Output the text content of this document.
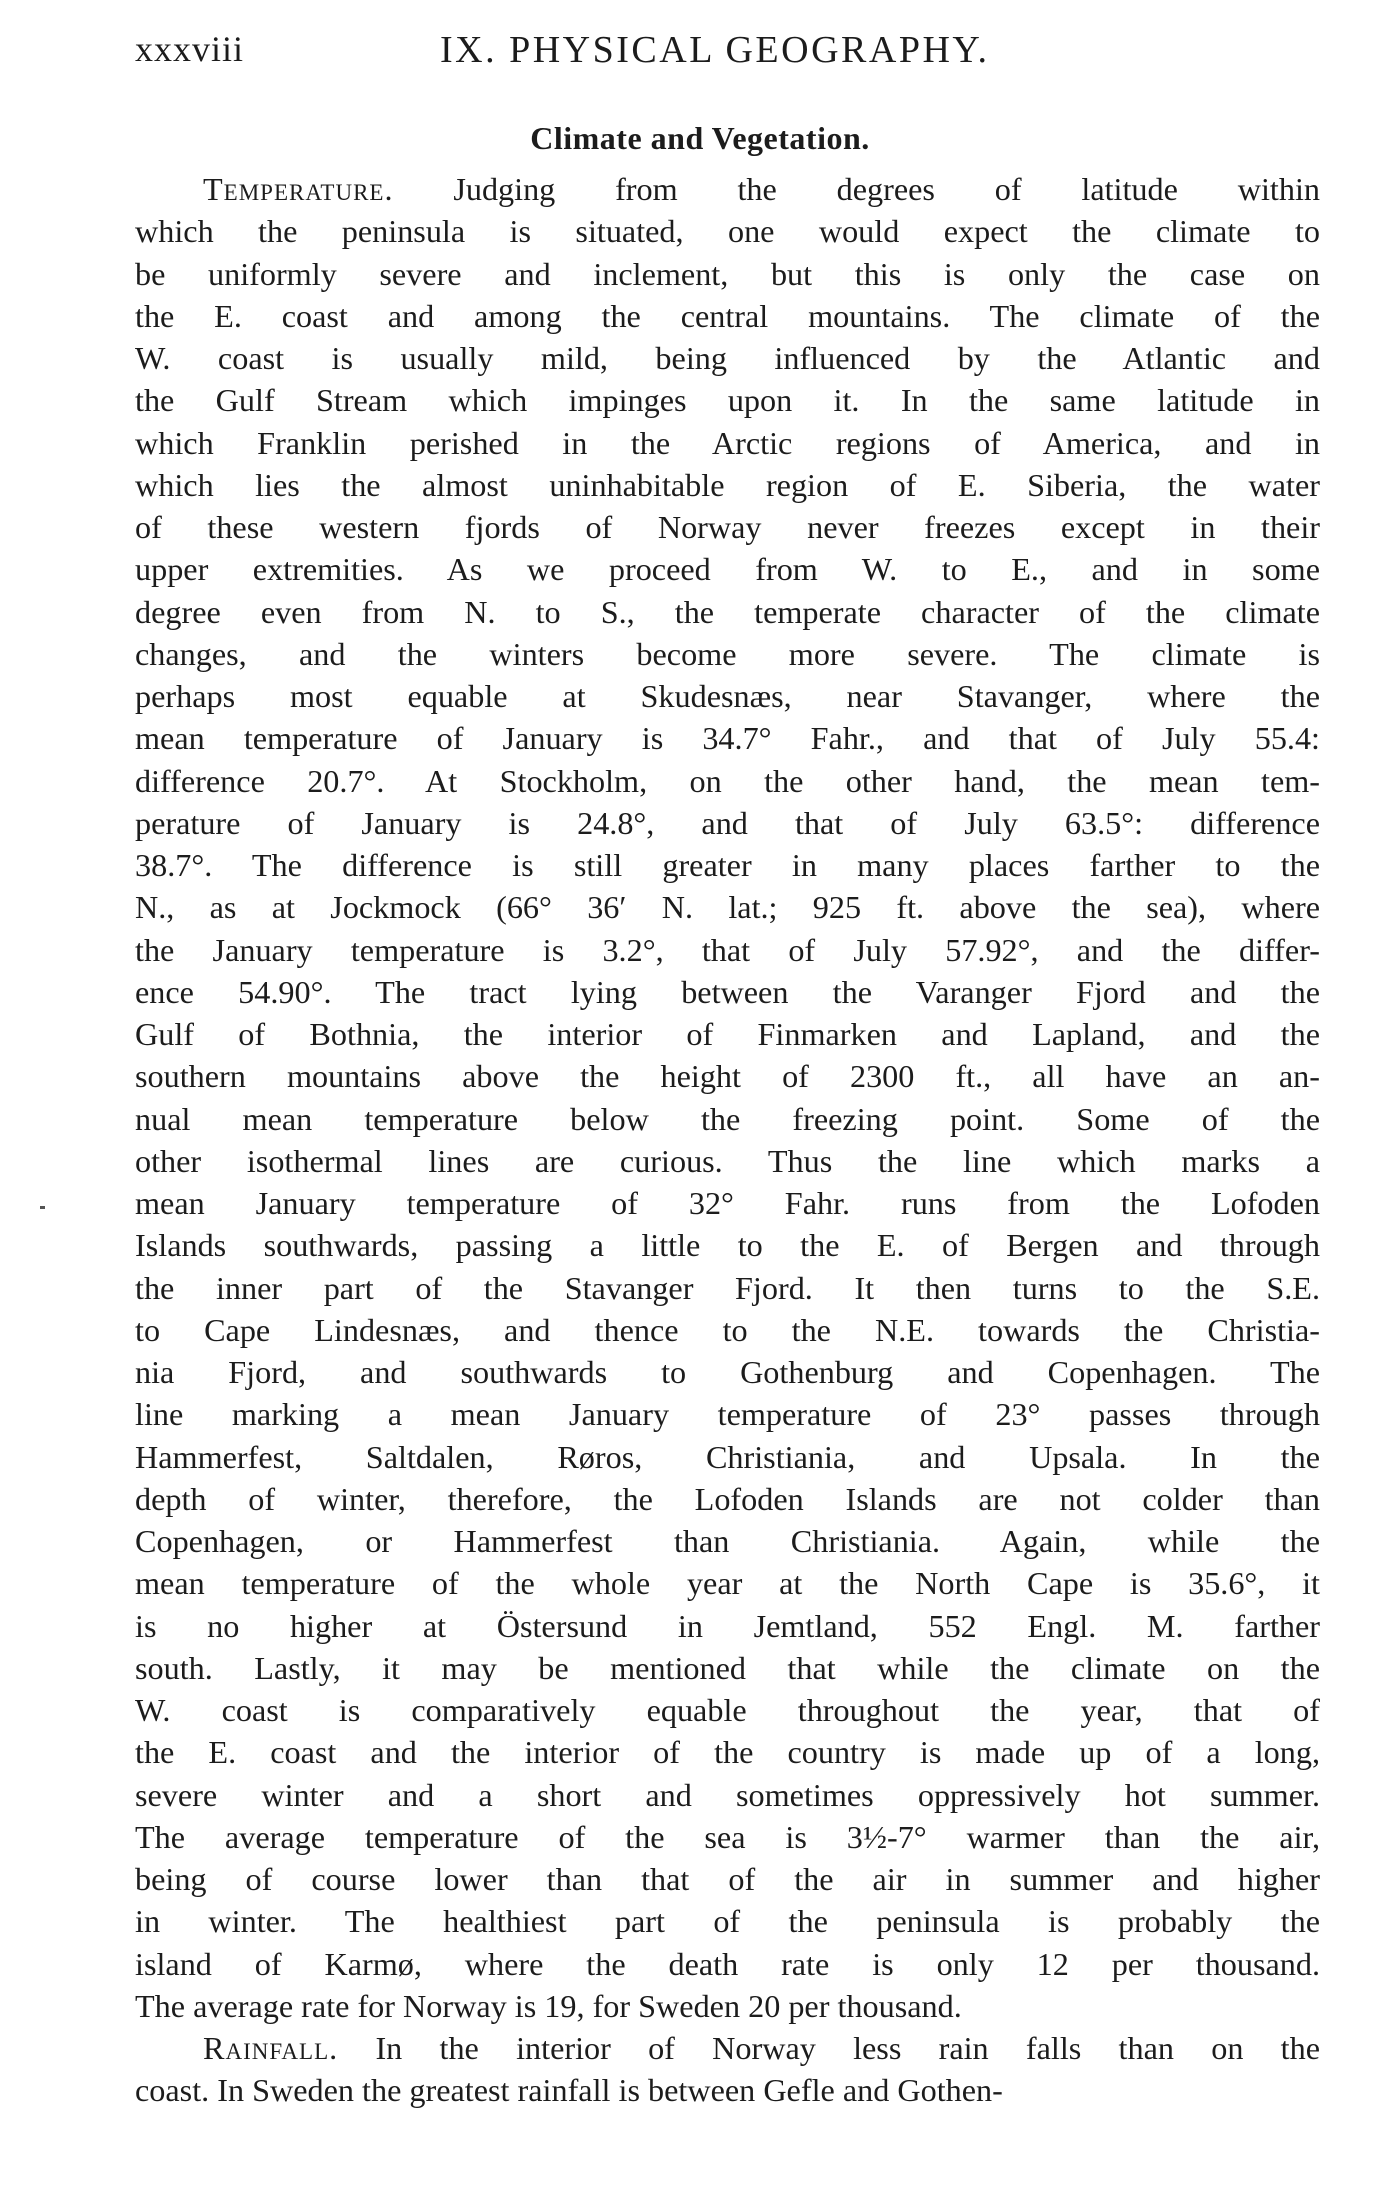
xxxviii	IX. PHYSICAL GEOGRAPHY.
Climate and Vegetation.
Temperature. Judging from the degrees of latitude within
which the peninsula is situated, one would expect the climate to
be uniformly severe and inclement, but this is only the case on
the E. coast and among the central mountains. The climate of the
W. coast is usually mild, being influenced by the Atlantic and
the Gulf Stream which impinges upon it. In the same latitude in
which Franklin perished in the Arctic regions of America, and in
which lies the almost uninhabitable region of E. Siberia, the water
of these western fjords of Norway never freezes except in their
upper extremities. As we proceed from W. to E., and in some
degree even from N. to S., the temperate character of the climate
changes, and the winters become more severe. The climate is
perhaps most equable at Skudesnæs, near Stavanger, where the
mean temperature of January is 34.7° Fahr., and that of July 55.4:
difference 20.7°. At Stockholm, on the other hand, the mean tem-
perature of January is 24.8°, and that of July 63.5°: difference
38.7°. The difference is still greater in many places farther to the
N., as at Jockmock (66° 36′ N. lat.; 925 ft. above the sea), where
the January temperature is 3.2°, that of July 57.92°, and the differ-
ence 54.90°. The tract lying between the Varanger Fjord and the
Gulf of Bothnia, the interior of Finmarken and Lapland, and the
southern mountains above the height of 2300 ft., all have an an-
nual mean temperature below the freezing point. Some of the
other isothermal lines are curious. Thus the line which marks a
mean January temperature of 32° Fahr. runs from the Lofoden
Islands southwards, passing a little to the E. of Bergen and through
the inner part of the Stavanger Fjord. It then turns to the S.E.
to Cape Lindesnæs, and thence to the N.E. towards the Christia-
nia Fjord, and southwards to Gothenburg and Copenhagen. The
line marking a mean January temperature of 23° passes through
Hammerfest, Saltdalen, Røros, Christiania, and Upsala. In the
depth of winter, therefore, the Lofoden Islands are not colder than
Copenhagen, or Hammerfest than Christiania. Again, while the
mean temperature of the whole year at the North Cape is 35.6°, it
is no higher at Östersund in Jemtland, 552 Engl. M. farther
south. Lastly, it may be mentioned that while the climate on the
W. coast is comparatively equable throughout the year, that of
the E. coast and the interior of the country is made up of a long,
severe winter and a short and sometimes oppressively hot summer.
The average temperature of the sea is 3½-7° warmer than the air,
being of course lower than that of the air in summer and higher
in winter. The healthiest part of the peninsula is probably the
island of Karmø, where the death rate is only 12 per thousand.
The average rate for Norway is 19, for Sweden 20 per thousand.
Rainfall. In the interior of Norway less rain falls than on the
coast. In Sweden the greatest rainfall is between Gefle and Gothen-
